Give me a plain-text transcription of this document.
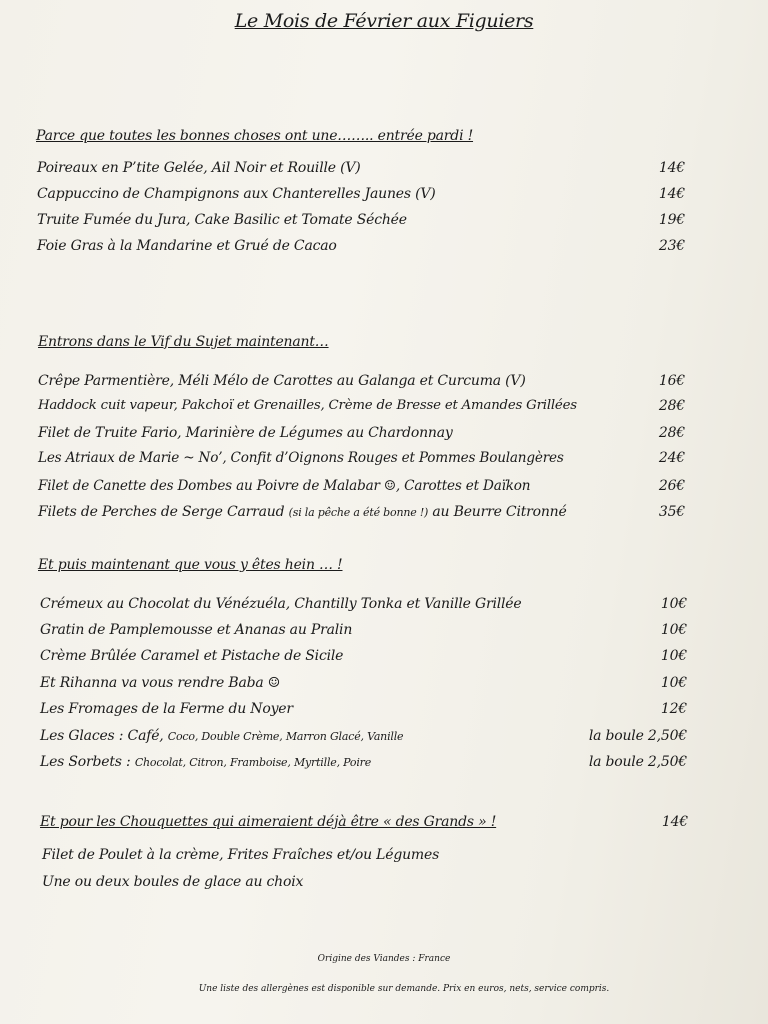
Le Mois de Février aux Figuiers
Parce que toutes les bonnes choses ont une…….. entrée pardi !
Poireaux en P’tite Gelée, Ail Noir et Rouille (V)	14€
Cappuccino de Champignons aux Chanterelles Jaunes (V)	14€
Truite Fumée du Jura, Cake Basilic et Tomate Séchée	19€
Foie Gras à la Mandarine et Grué de Cacao	23€
Entrons dans le Vif du Sujet maintenant…
Crêpe Parmentière, Méli Mélo de Carottes au Galanga et Curcuma (V)	16€
Haddock cuit vapeur, Pakchoï et Grenailles, Crème de Bresse et Amandes Grillées	28€
Filet de Truite Fario, Marinière de Légumes au Chardonnay	28€
Les Atriaux de Marie ~ No’, Confit d’Oignons Rouges et Pommes Boulangères	24€
Filet de Canette des Dombes au Poivre de Malabar ☺, Carottes et Daïkon	26€
Filets de Perches de Serge Carraud (si la pêche a été bonne !) au Beurre Citronné	35€
Et puis maintenant que vous y êtes hein … !
Crémeux au Chocolat du Vénézuéla, Chantilly Tonka et Vanille Grillée	10€
Gratin de Pamplemousse et Ananas au Pralin	10€
Crème Brûlée Caramel et Pistache de Sicile	10€
Et Rihanna va vous rendre Baba ☺	10€
Les Fromages de la Ferme du Noyer	12€
Les Glaces : Café, Coco, Double Crème, Marron Glacé, Vanille	la boule 2,50€
Les Sorbets : Chocolat, Citron, Framboise, Myrtille, Poire	la boule 2,50€
Et pour les Chouquettes qui aimeraient déjà être « des Grands » !	14€
Filet de Poulet à la crème, Frites Fraîches et/ou Légumes
Une ou deux boules de glace au choix
Origine des Viandes : France
Une liste des allergènes est disponible sur demande. Prix en euros, nets, service compris.
